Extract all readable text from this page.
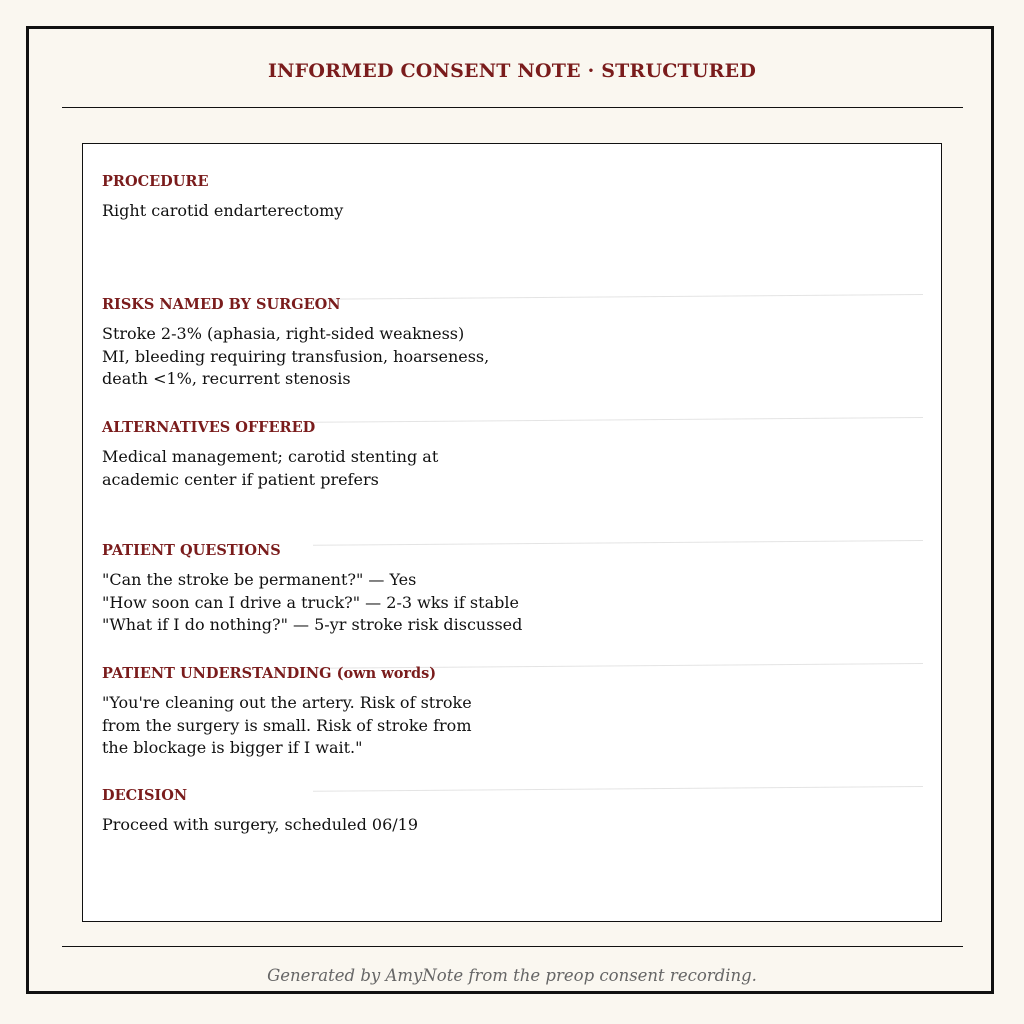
INFORMED CONSENT NOTE · STRUCTURED
PROCEDURE
Right carotid endarterectomy
RISKS NAMED BY SURGEON
Stroke 2-3% (aphasia, right-sided weakness)
MI, bleeding requiring transfusion, hoarseness,
death <1%, recurrent stenosis
ALTERNATIVES OFFERED
Medical management; carotid stenting at
academic center if patient prefers
PATIENT QUESTIONS
"Can the stroke be permanent?" — Yes
"How soon can I drive a truck?" — 2-3 wks if stable
"What if I do nothing?" — 5-yr stroke risk discussed
PATIENT UNDERSTANDING (own words)
"You're cleaning out the artery. Risk of stroke
from the surgery is small. Risk of stroke from
the blockage is bigger if I wait."
DECISION
Proceed with surgery, scheduled 06/19
Generated by AmyNote from the preop consent recording.
